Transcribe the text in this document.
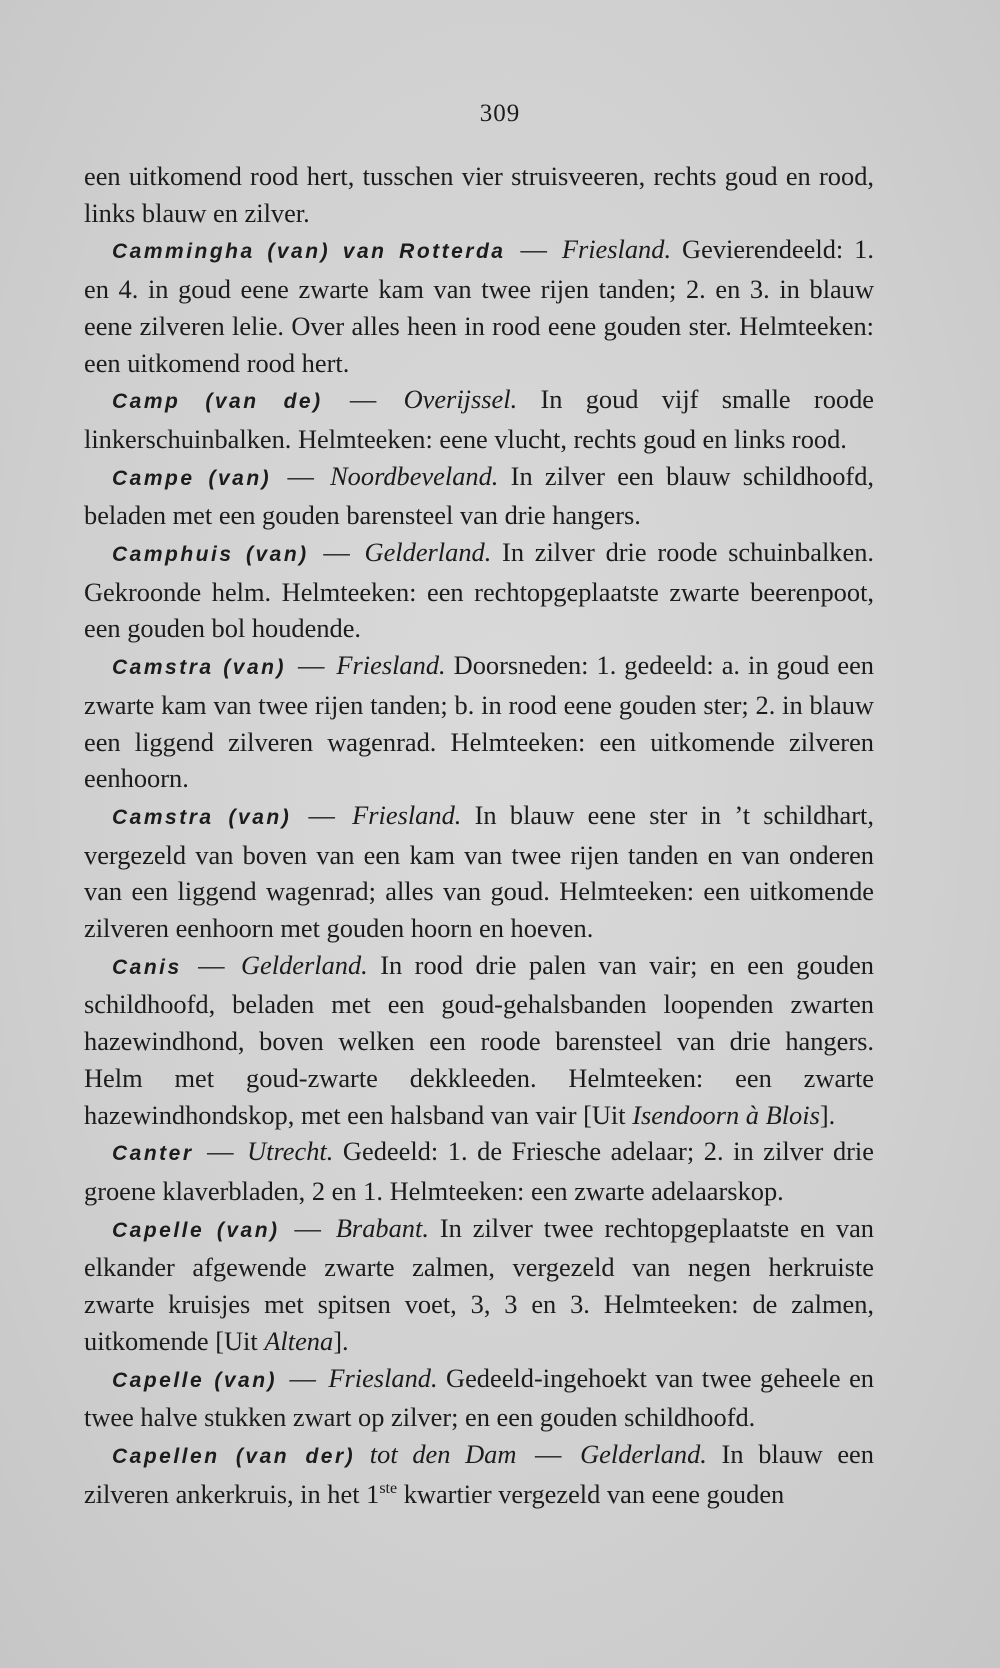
309

een uitkomend rood hert, tusschen vier struisveeren, rechts goud en rood, links blauw en zilver.

Cammingha (van) van Rotterda — Friesland. Gevierendeeld: 1. en 4. in goud eene zwarte kam van twee rijen tanden; 2. en 3. in blauw eene zilveren lelie. Over alles heen in rood eene gouden ster. Helmteeken: een uitkomend rood hert.

Camp (van de) — Overijssel. In goud vijf smalle roode linkerschuinbalken. Helmteeken: eene vlucht, rechts goud en links rood.

Campe (van) — Noordbeveland. In zilver een blauw schildhoofd, beladen met een gouden barensteel van drie hangers.

Camphuis (van) — Gelderland. In zilver drie roode schuinbalken. Gekroonde helm. Helmteeken: een rechtopgeplaatste zwarte beerenpoot, een gouden bol houdende.

Camstra (van) — Friesland. Doorsneden: 1. gedeeld: a. in goud een zwarte kam van twee rijen tanden; b. in rood eene gouden ster; 2. in blauw een liggend zilveren wagenrad. Helmteeken: een uitkomende zilveren eenhoorn.

Camstra (van) — Friesland. In blauw eene ster in ’t schildhart, vergezeld van boven van een kam van twee rijen tanden en van onderen van een liggend wagenrad; alles van goud. Helmteeken: een uitkomende zilveren eenhoorn met gouden hoorn en hoeven.

Canis — Gelderland. In rood drie palen van vair; en een gouden schildhoofd, beladen met een goud-gehalsbanden loopenden zwarten hazewindhond, boven welken een roode barensteel van drie hangers. Helm met goud-zwarte dekkleeden. Helmteeken: een zwarte hazewindhondskop, met een halsband van vair [Uit Isendoorn à Blois].

Canter — Utrecht. Gedeeld: 1. de Friesche adelaar; 2. in zilver drie groene klaverbladen, 2 en 1. Helmteeken: een zwarte adelaarskop.

Capelle (van) — Brabant. In zilver twee rechtopgeplaatste en van elkander afgewende zwarte zalmen, vergezeld van negen herkruiste zwarte kruisjes met spitsen voet, 3, 3 en 3. Helmteeken: de zalmen, uitkomende [Uit Altena].

Capelle (van) — Friesland. Gedeeld-ingehoekt van twee geheele en twee halve stukken zwart op zilver; en een gouden schildhoofd.

Capellen (van der) tot den Dam — Gelderland. In blauw een zilveren ankerkruis, in het 1ste kwartier vergezeld van eene gouden
